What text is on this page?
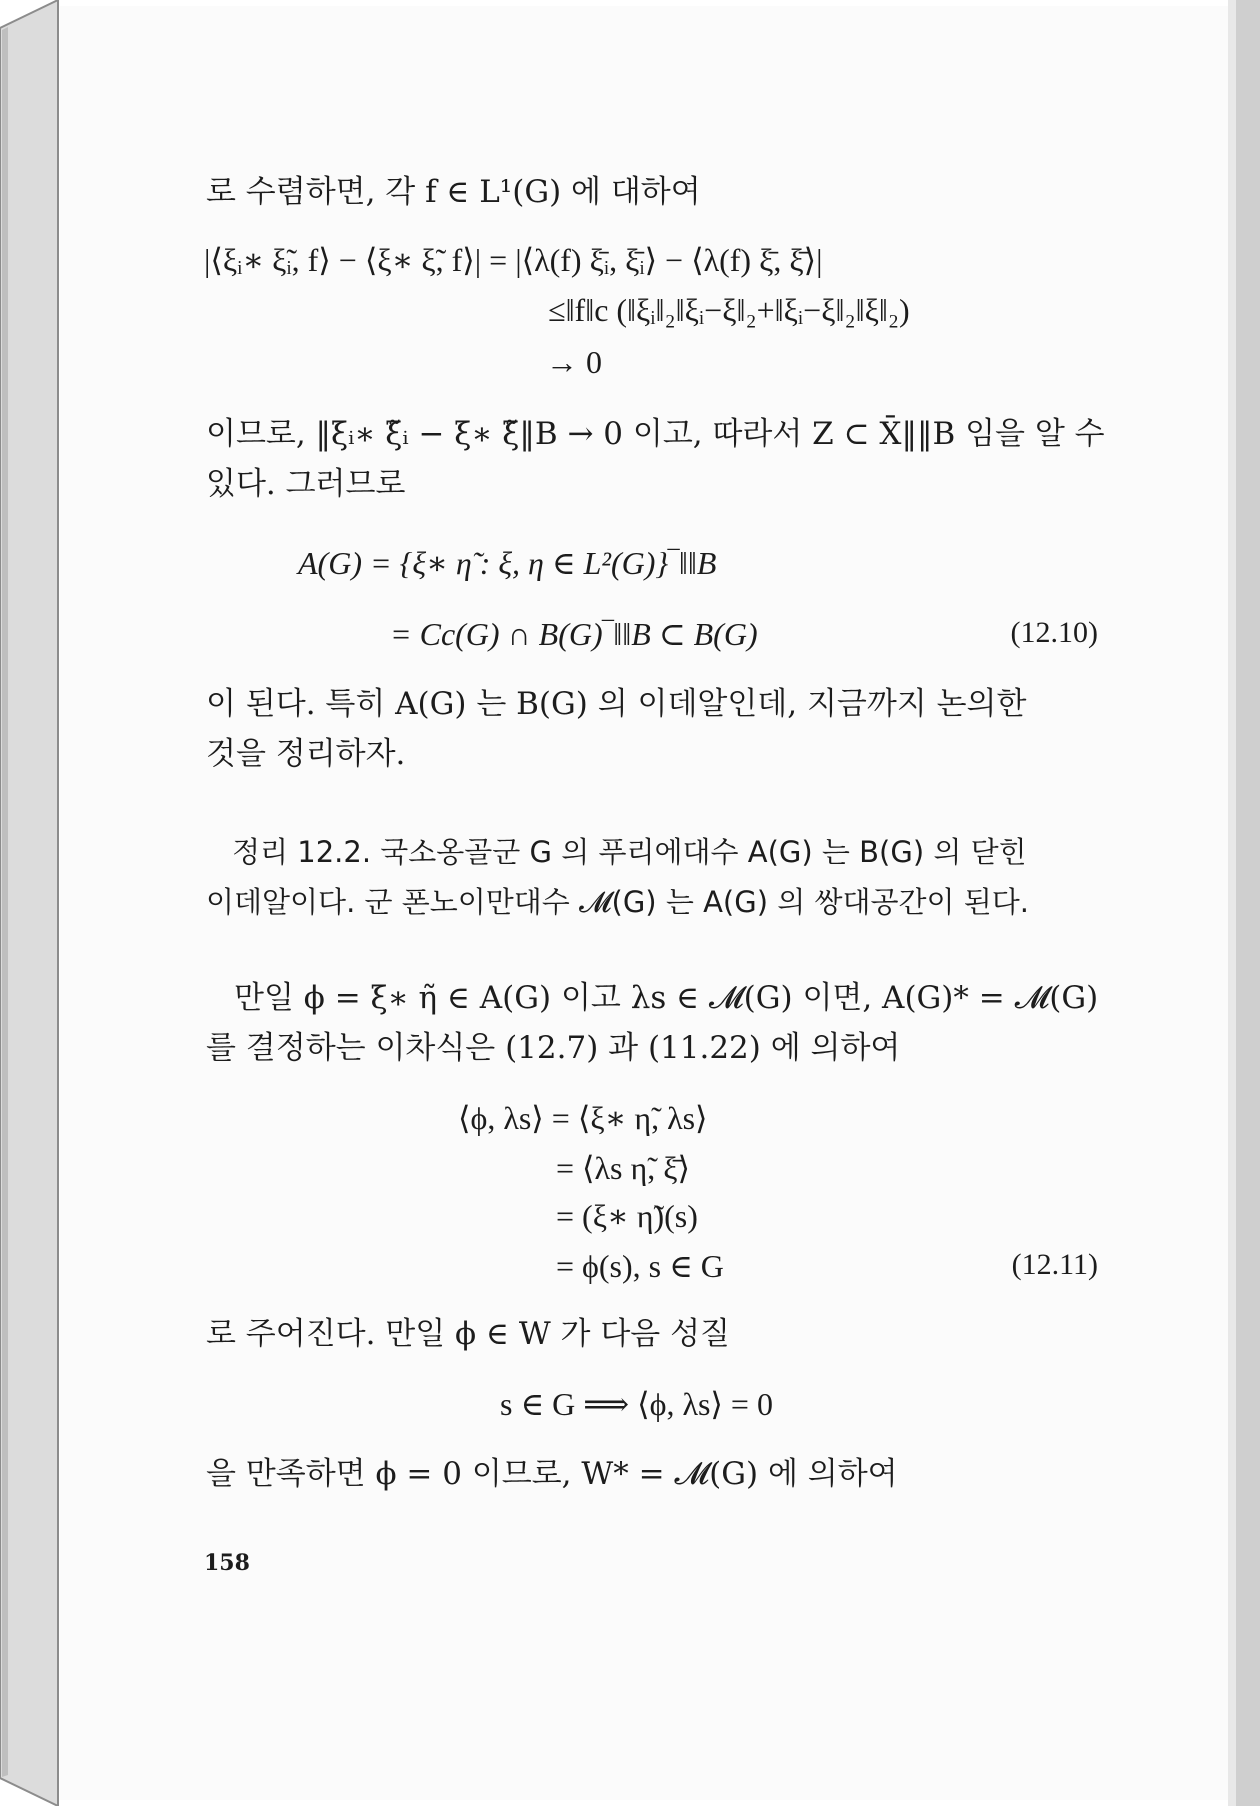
로 수렴하면, 각 f ∈ L¹(G) 에 대하여
|⟨ξᵢ∗ ξ̃ᵢ, f⟩ − ⟨ξ∗ ξ̃, f⟩| = |⟨λ(f) ξ̄ᵢ, ξ̄ᵢ⟩ − ⟨λ(f) ξ̄, ξ̄⟩|
≤‖f‖c (‖ξᵢ‖₂‖ξᵢ−ξ‖₂+‖ξᵢ−ξ‖₂‖ξ‖₂)
→ 0
이므로, ‖ξᵢ∗ ξ̃ᵢ − ξ∗ ξ̃‖B → 0 이고, 따라서 Z ⊂ X̄‖‖B 임을 알 수
있다. 그러므로
A(G) = {ξ∗ η̃ : ξ, η ∈ L²(G)}‾‖‖B
= Cc(G) ∩ B(G)‾‖‖B ⊂ B(G)	(12.10)
이 된다. 특히 A(G) 는 B(G) 의 이데알인데, 지금까지 논의한
것을 정리하자.
정리 12.2. 국소옹골군 G 의 푸리에대수 A(G) 는 B(G) 의 닫힌
이데알이다. 군 폰노이만대수 𝓜(G) 는 A(G) 의 쌍대공간이 된다.
만일 ϕ = ξ∗ η̃ ∈ A(G) 이고 λs ∈ 𝓜(G) 이면, A(G)* = 𝓜(G)
를 결정하는 이차식은 (12.7) 과 (11.22) 에 의하여
⟨ϕ, λs⟩ = ⟨ξ∗ η̃, λs⟩
= ⟨λs η̃, ξ̄⟩
= (ξ∗ η̃)(s)
= ϕ(s), s ∈ G	(12.11)
로 주어진다. 만일 ϕ ∈ W 가 다음 성질
s ∈ G ⟹ ⟨ϕ, λs⟩ = 0
을 만족하면 ϕ = 0 이므로, W* = 𝓜(G) 에 의하여
158
